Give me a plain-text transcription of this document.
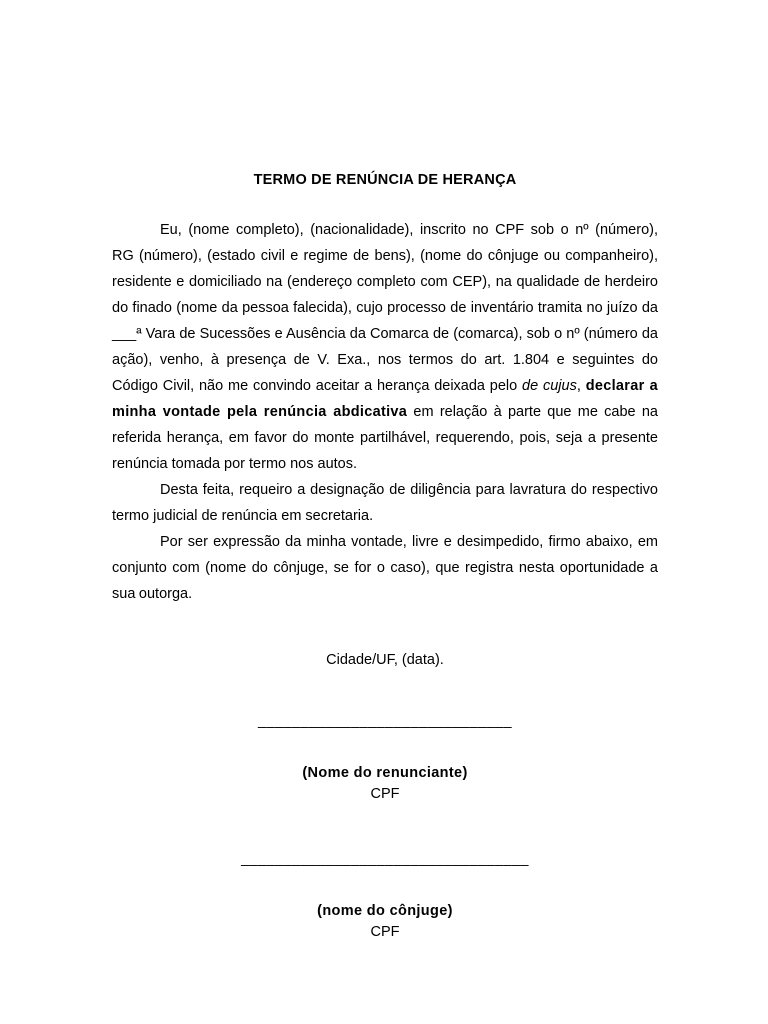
TERMO DE RENÚNCIA DE HERANÇA

Eu, (nome completo), (nacionalidade), inscrito no CPF sob o nº (número), RG (número), (estado civil e regime de bens), (nome do cônjuge ou companheiro), residente e domiciliado na (endereço completo com CEP), na qualidade de herdeiro do finado (nome da pessoa falecida), cujo processo de inventário tramita no juízo da ___ª Vara de Sucessões e Ausência da Comarca de (comarca), sob o nº (número da ação), venho, à presença de V. Exa., nos termos do art. 1.804 e seguintes do Código Civil, não me convindo aceitar a herança deixada pelo de cujus, declarar a minha vontade pela renúncia abdicativa em relação à parte que me cabe na referida herança, em favor do monte partilhável, requerendo, pois, seja a presente renúncia tomada por termo nos autos.

Desta feita, requeiro a designação de diligência para lavratura do respectivo termo judicial de renúncia em secretaria.

Por ser expressão da minha vontade, livre e desimpedido, firmo abaixo, em conjunto com (nome do cônjuge, se for o caso), que registra nesta oportunidade a sua outorga.

Cidade/UF, (data).

______________________________

(Nome do renunciante)

CPF

__________________________________

(nome do cônjuge)

CPF
